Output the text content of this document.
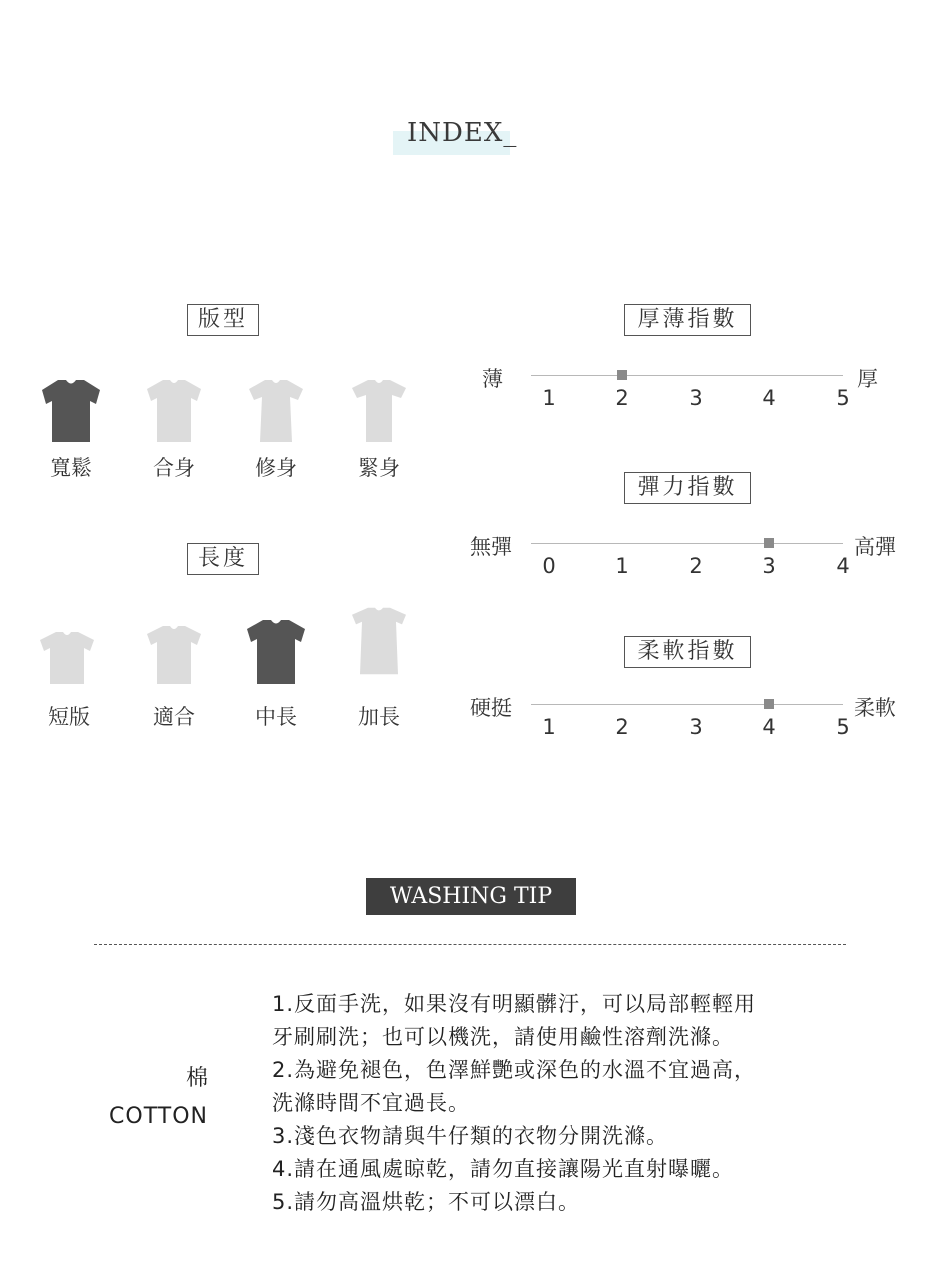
INDEX_
版型
寬鬆	合身	修身	緊身
長度
短版	適合	中長	加長
厚薄指數
薄
1	2	3	4	5
厚
彈力指數
無彈
0	1	2	3	4
高彈
柔軟指數
硬挺
1	2	3	4	5
柔軟
WASHING TIP
棉
COTTON
1.反面手洗，如果沒有明顯髒汙，可以局部輕輕用
牙刷刷洗；也可以機洗，請使用鹼性溶劑洗滌。
2.為避免褪色，色澤鮮艷或深色的水溫不宜過高，
洗滌時間不宜過長。
3.淺色衣物請與牛仔類的衣物分開洗滌。
4.請在通風處晾乾，請勿直接讓陽光直射曝曬。
5.請勿高溫烘乾；不可以漂白。
